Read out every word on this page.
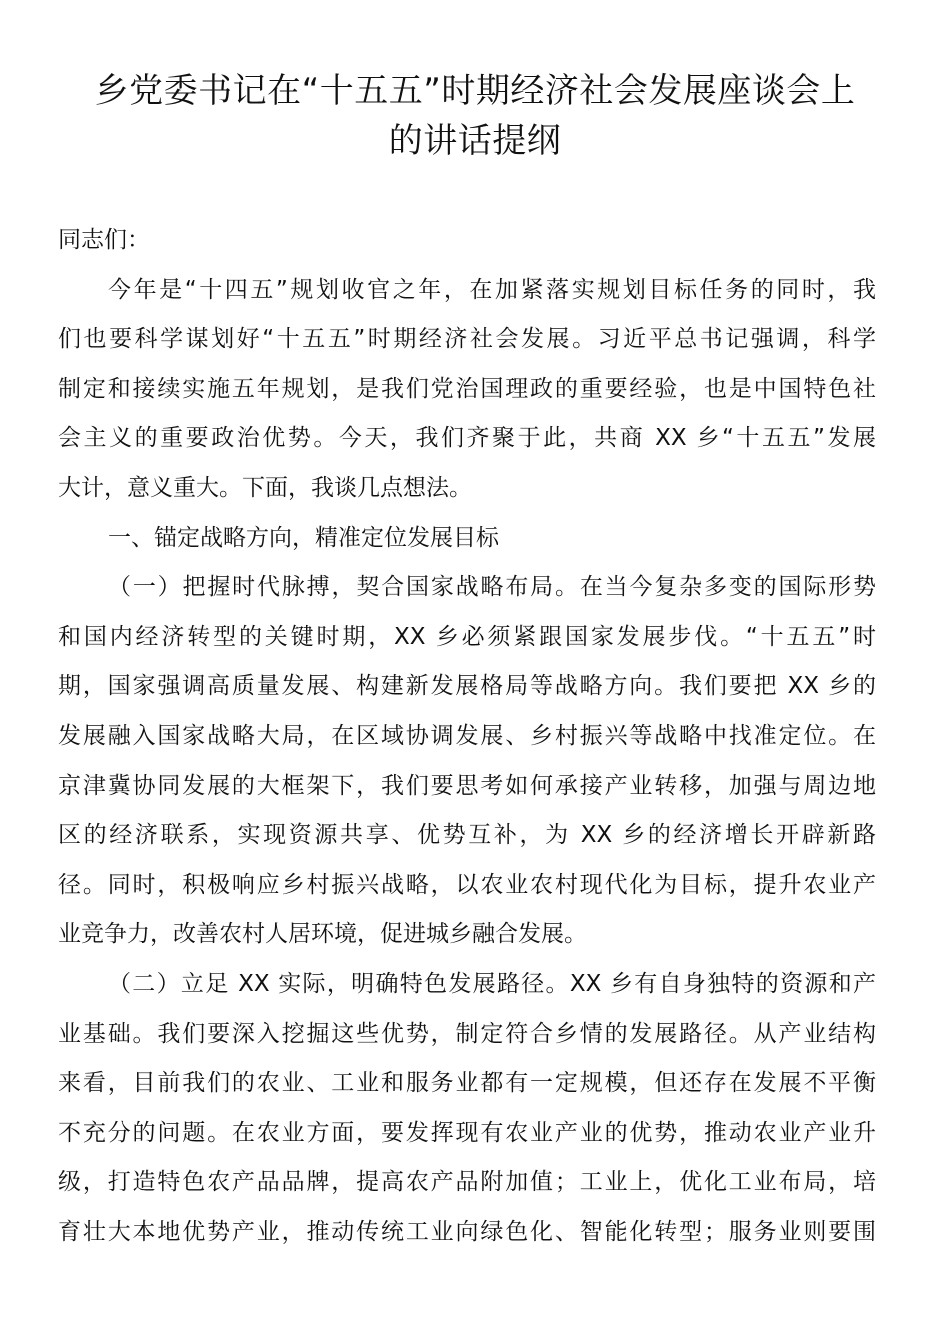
乡党委书记在“十五五”时期经济社会发展座谈会上
的讲话提纲
同志们：
今年是“十四五”规划收官之年，在加紧落实规划目标任务的同时，我
们也要科学谋划好“十五五”时期经济社会发展。习近平总书记强调，科学
制定和接续实施五年规划，是我们党治国理政的重要经验，也是中国特色社
会主义的重要政治优势。今天，我们齐聚于此，共商 XX 乡“十五五”发展
大计，意义重大。下面，我谈几点想法。
一、锚定战略方向，精准定位发展目标
（一）把握时代脉搏，契合国家战略布局。在当今复杂多变的国际形势
和国内经济转型的关键时期，XX 乡必须紧跟国家发展步伐。“十五五”时
期，国家强调高质量发展、构建新发展格局等战略方向。我们要把 XX 乡的
发展融入国家战略大局，在区域协调发展、乡村振兴等战略中找准定位。在
京津冀协同发展的大框架下，我们要思考如何承接产业转移，加强与周边地
区的经济联系，实现资源共享、优势互补，为 XX 乡的经济增长开辟新路
径。同时，积极响应乡村振兴战略，以农业农村现代化为目标，提升农业产
业竞争力，改善农村人居环境，促进城乡融合发展。
（二）立足 XX 实际，明确特色发展路径。XX 乡有自身独特的资源和产
业基础。我们要深入挖掘这些优势，制定符合乡情的发展路径。从产业结构
来看，目前我们的农业、工业和服务业都有一定规模，但还存在发展不平衡
不充分的问题。在农业方面，要发挥现有农业产业的优势，推动农业产业升
级，打造特色农产品品牌，提高农产品附加值；工业上，优化工业布局，培
育壮大本地优势产业，推动传统工业向绿色化、智能化转型；服务业则要围
